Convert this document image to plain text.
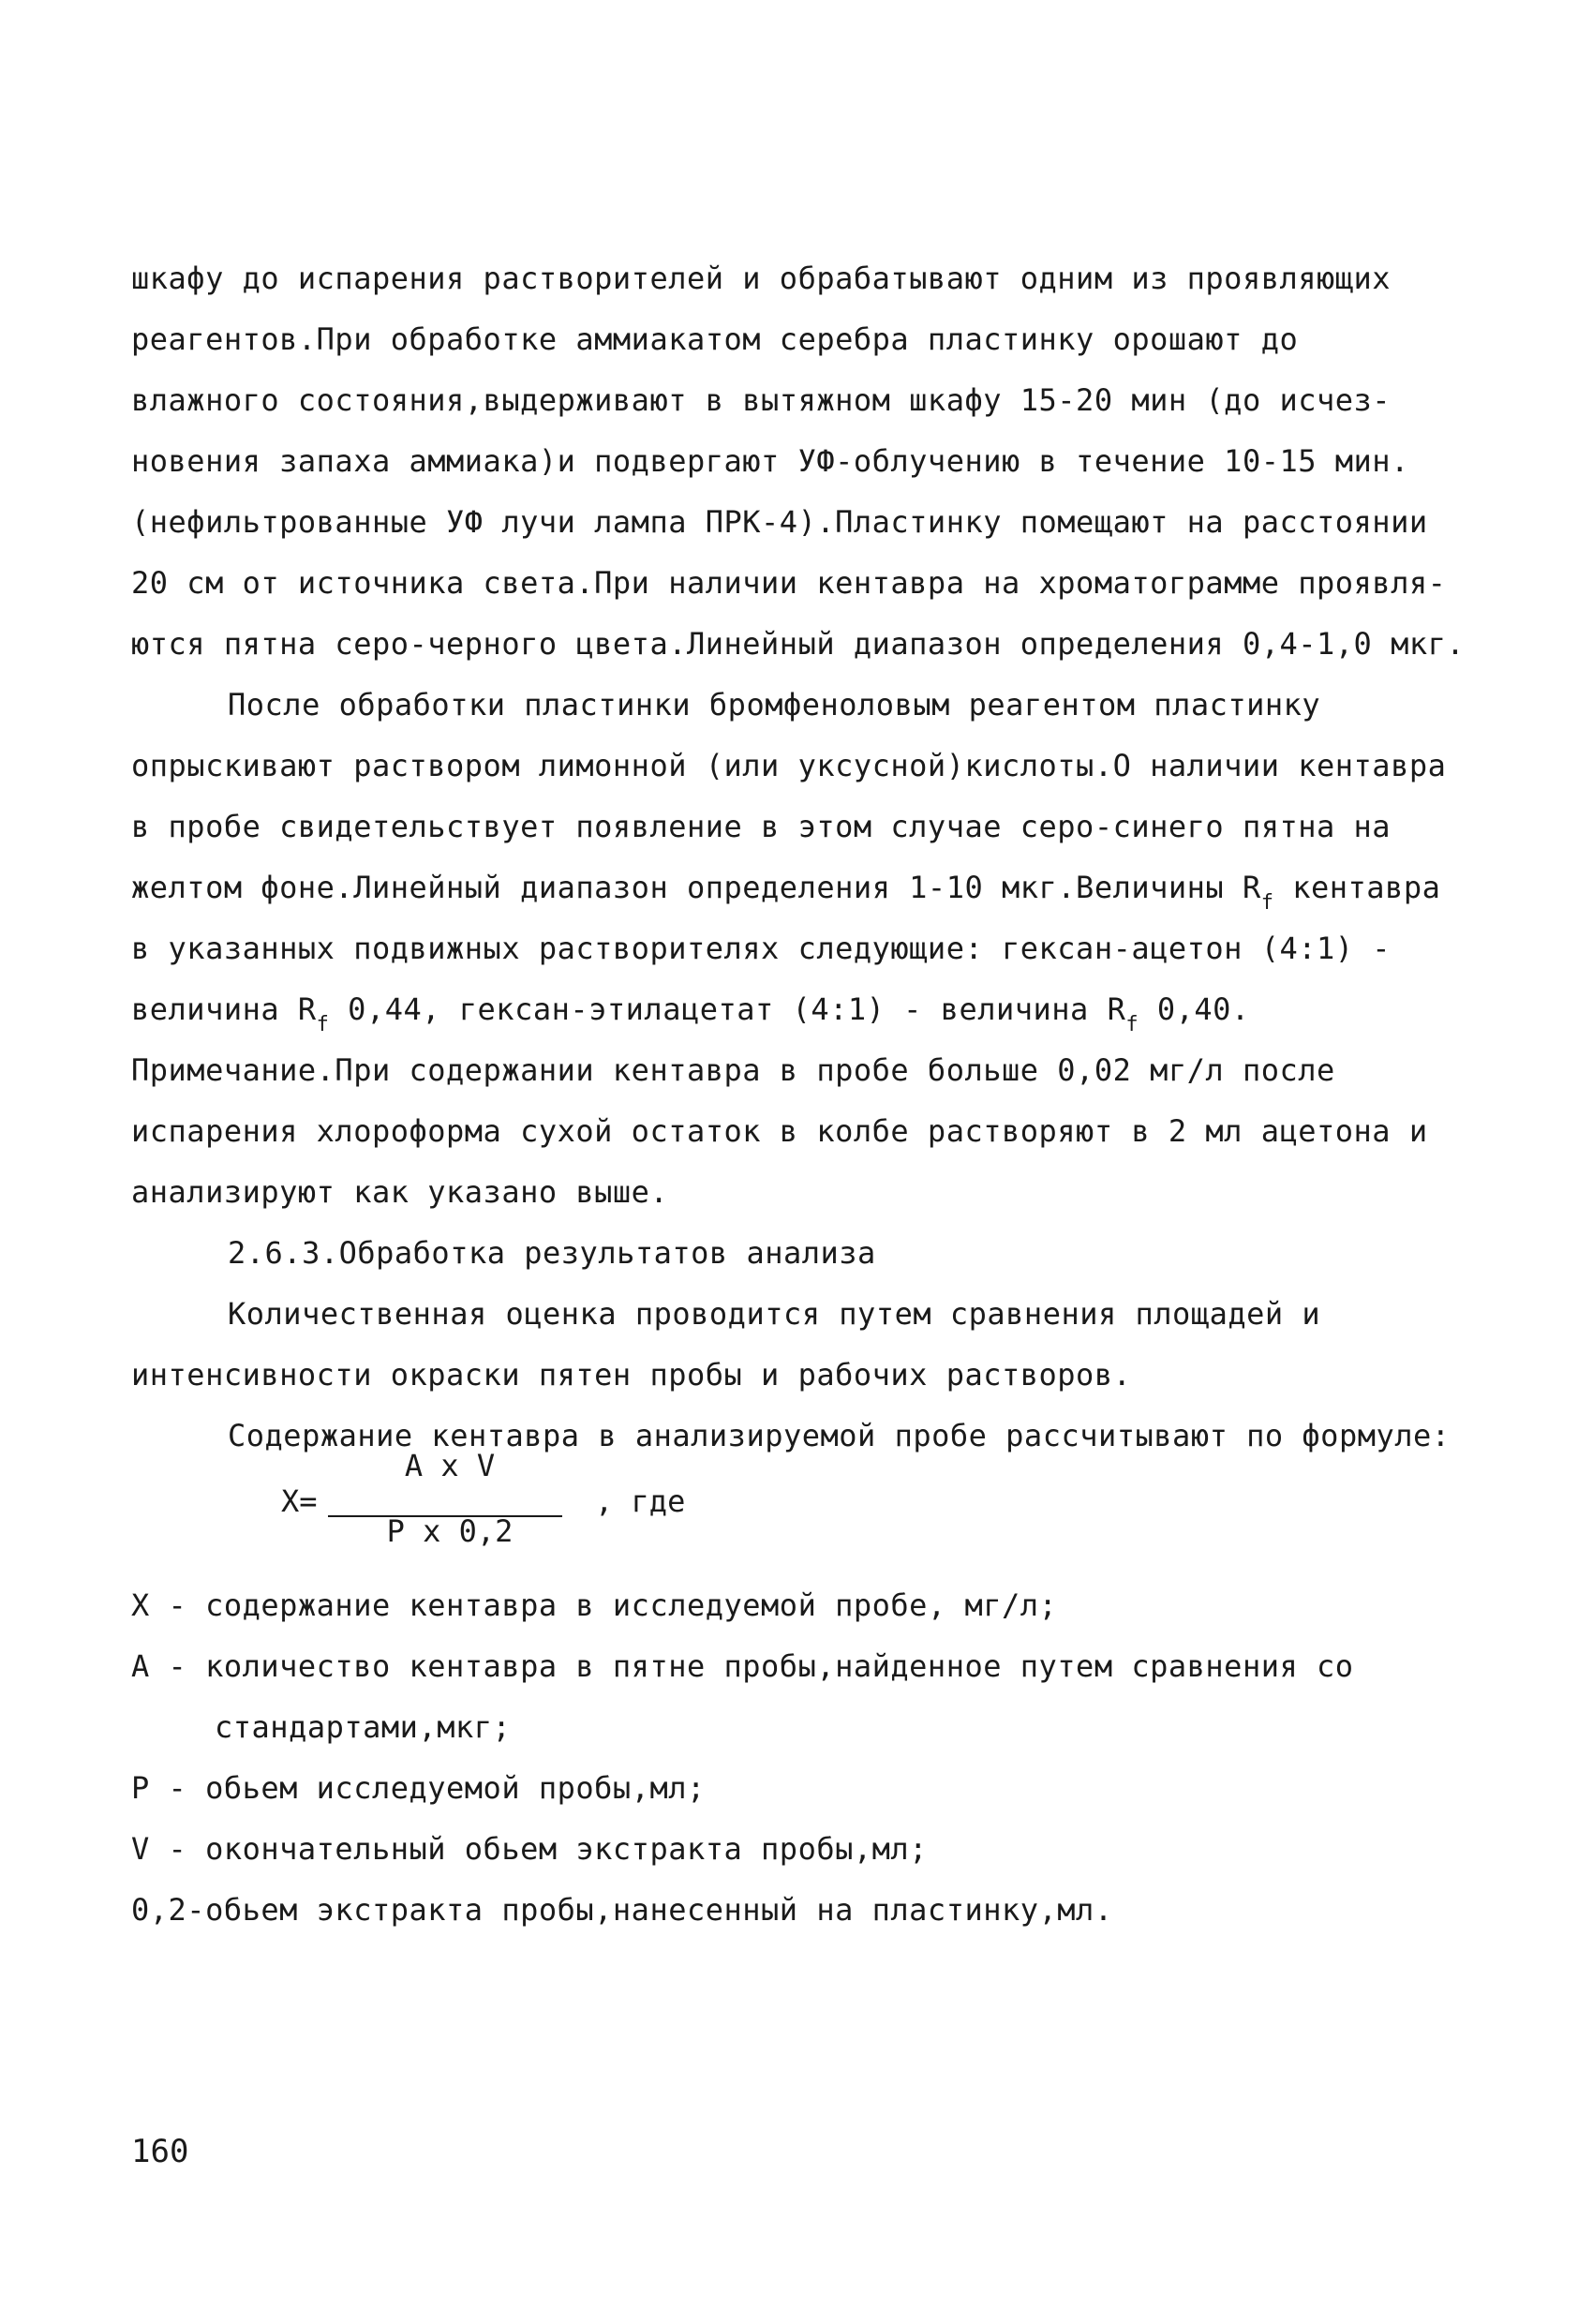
шкафу до испарения растворителей и обрабатывают одним из проявляющих
реагентов.При обработке аммиакатом серебра пластинку орошают до
влажного состояния,выдерживают в вытяжном шкафу 15-20 мин (до исчез-
новения запаха аммиака)и подвергают УФ-облучению в течение 10-15 мин.
(нефильтрованные УФ лучи лампа ПРК-4).Пластинку помещают на расстоянии
20 см от источника света.При наличии кентавра на хроматограмме проявля-
ются пятна серо-черного цвета.Линейный диапазон определения 0,4-1,0 мкг.
После обработки пластинки бромфеноловым реагентом пластинку
опрыскивают раствором лимонной (или уксусной)кислоты.О наличии кентавра
в пробе свидетельствует появление в этом случае серо-синего пятна на
желтом фоне.Линейный диапазон определения 1-10 мкг.Величины $R_f$ кентавра
в указанных подвижных растворителях следующие: гексан-ацетон (4:1) -
величина $R_f$ 0,44, гексан-этилацетат (4:1) - величина $R_f$ 0,40.
Примечание.При содержании кентавра в пробе больше 0,02 мг/л после
испарения хлороформа сухой остаток в колбе растворяют в 2 мл ацетона и
анализируют как указано выше.
2.6.3.Обработка результатов анализа
Количественная оценка проводится путем сравнения площадей и
интенсивности окраски пятен пробы и рабочих растворов.
Содержание кентавра в анализируемой пробе рассчитывают по формуле:
X=
A x V
P x 0,2
, где
X - содержание кентавра в исследуемой пробе, мг/л;
A - количество кентавра в пятне пробы,найденное путем сравнения со
стандартами,мкг;
P - обьем исследуемой пробы,мл;
V - окончательный обьем экстракта пробы,мл;
0,2-обьем экстракта пробы,нанесенный на пластинку,мл.
160
